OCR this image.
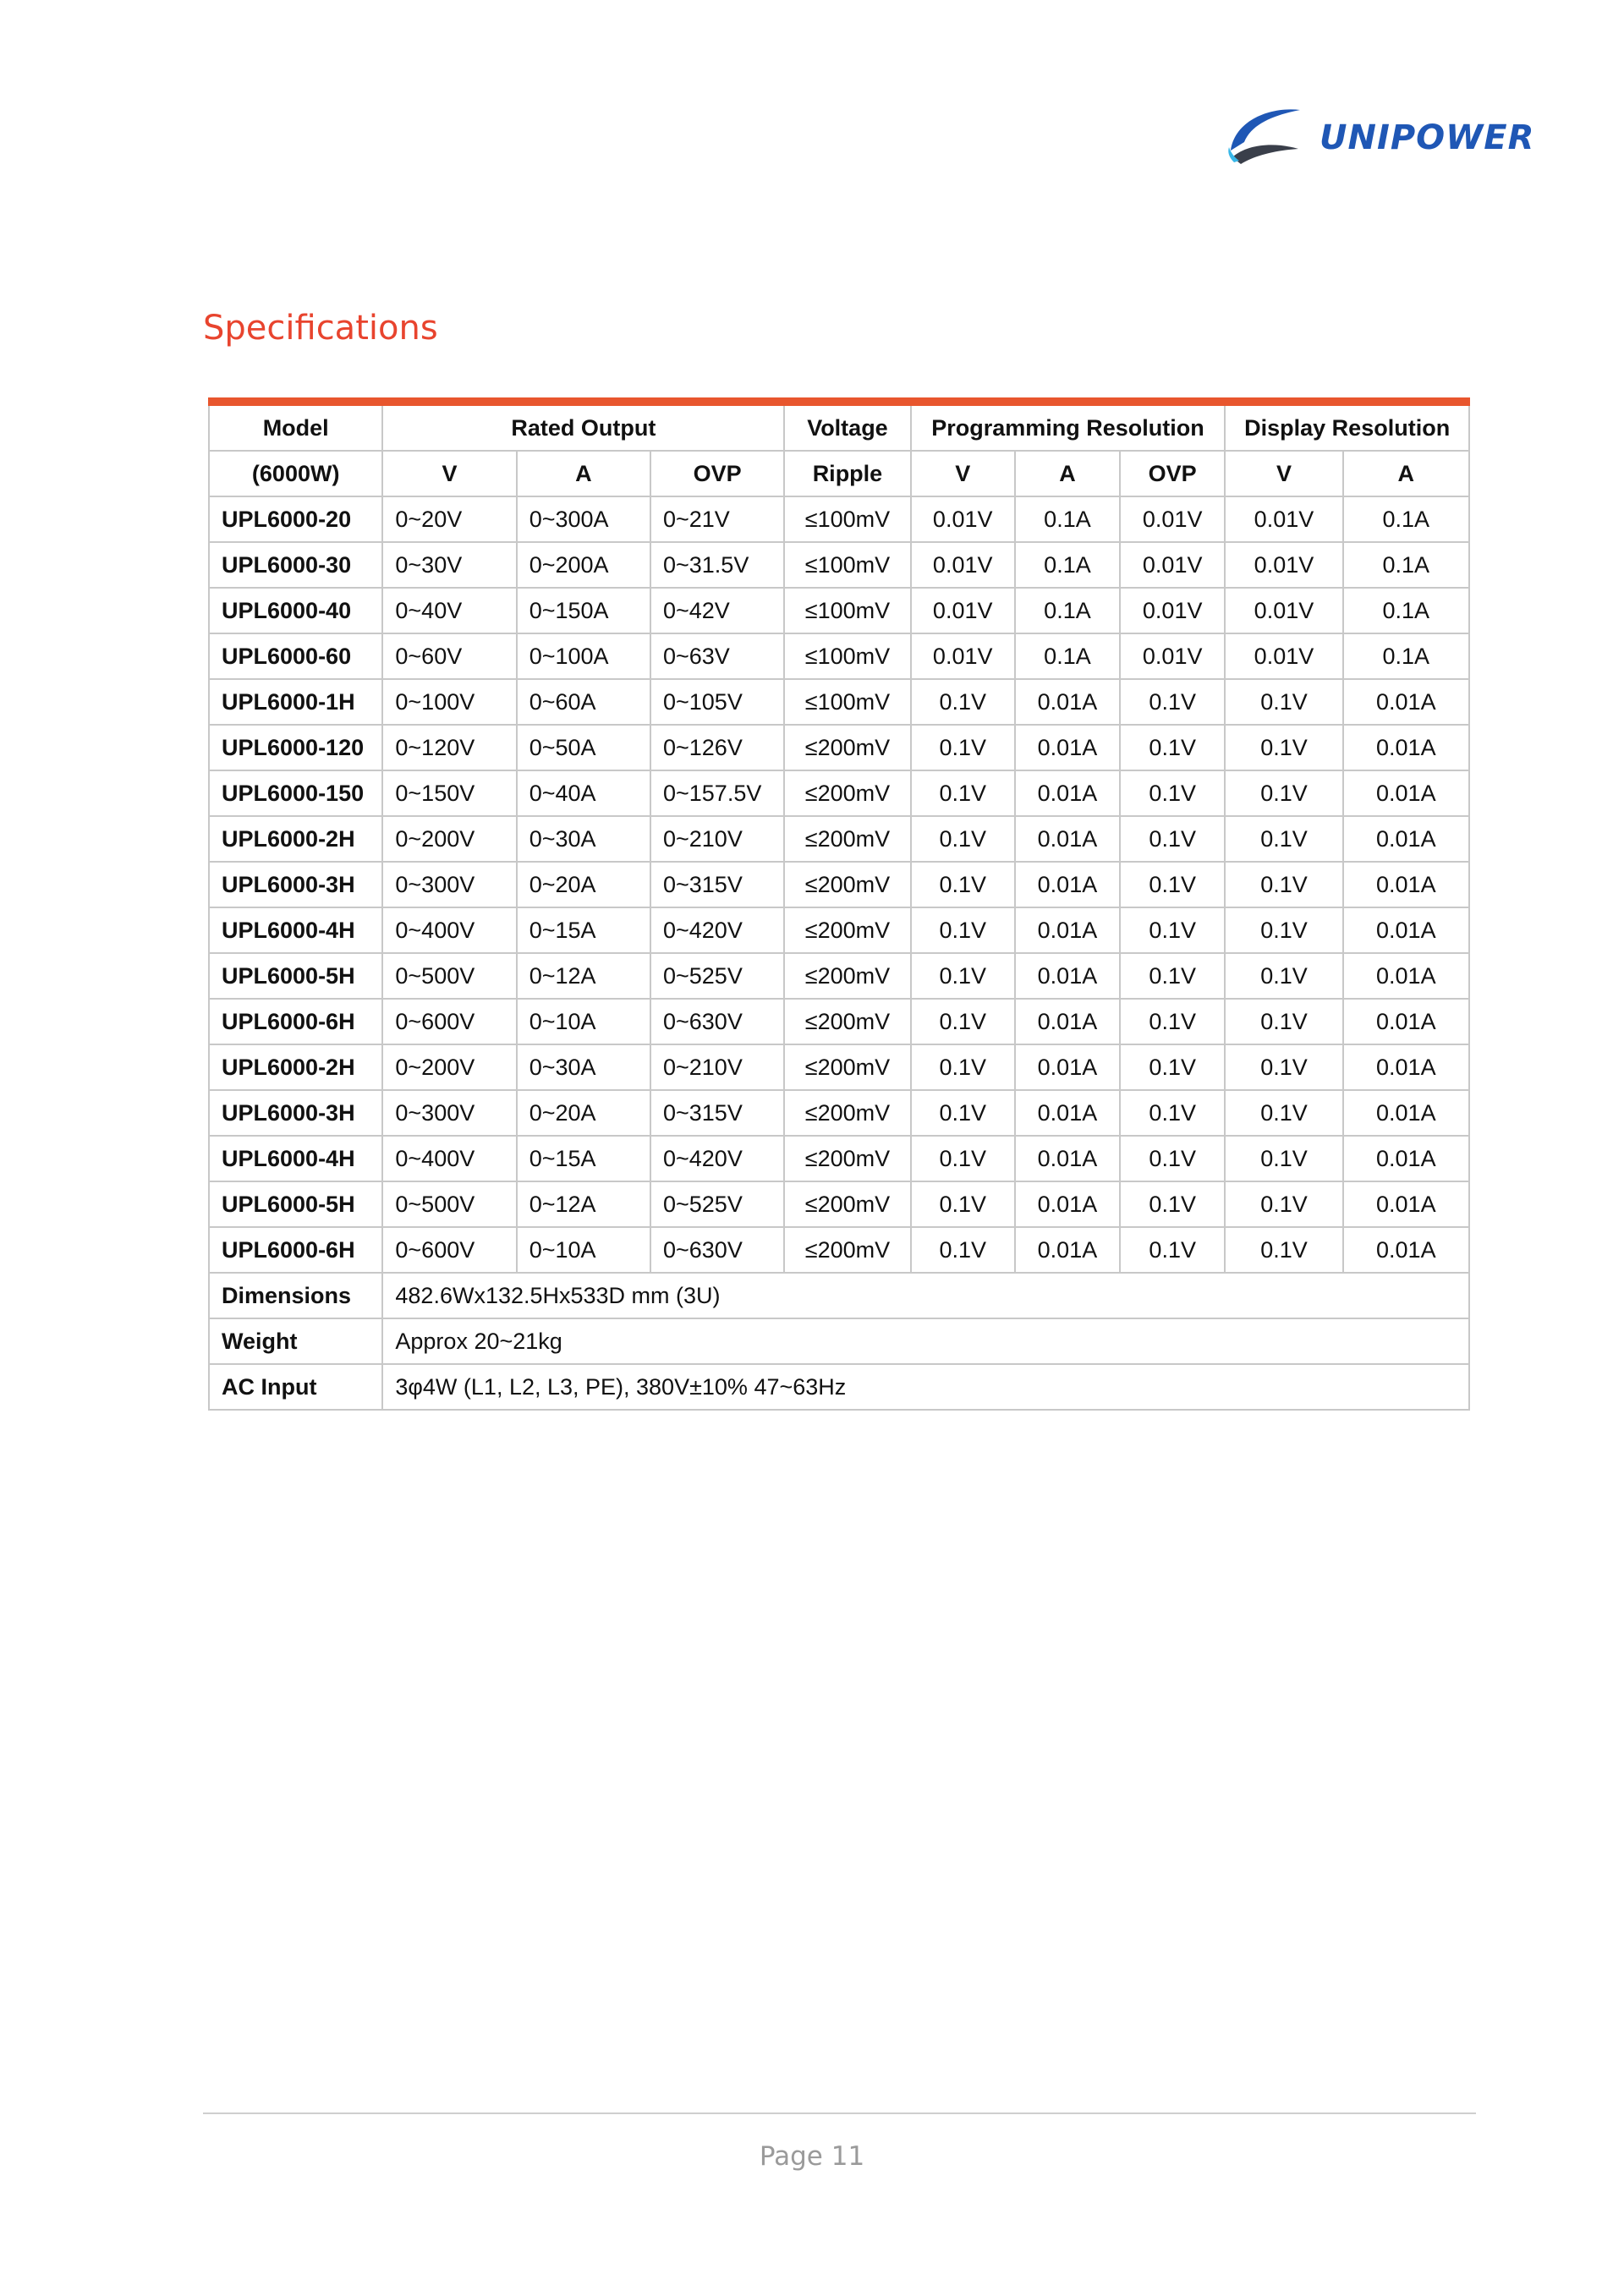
UNIPOWER
Specifications
Model	Rated Output			Voltage	Programming Resolution			Display Resolution	
(6000W)	V	A	OVP	Ripple	V	A	OVP	V	A
UPL6000-20	0~20V	0~300A	0~21V	≤100mV	0.01V	0.1A	0.01V	0.01V	0.1A
UPL6000-30	0~30V	0~200A	0~31.5V	≤100mV	0.01V	0.1A	0.01V	0.01V	0.1A
UPL6000-40	0~40V	0~150A	0~42V	≤100mV	0.01V	0.1A	0.01V	0.01V	0.1A
UPL6000-60	0~60V	0~100A	0~63V	≤100mV	0.01V	0.1A	0.01V	0.01V	0.1A
UPL6000-1H	0~100V	0~60A	0~105V	≤100mV	0.1V	0.01A	0.1V	0.1V	0.01A
UPL6000-120	0~120V	0~50A	0~126V	≤200mV	0.1V	0.01A	0.1V	0.1V	0.01A
UPL6000-150	0~150V	0~40A	0~157.5V	≤200mV	0.1V	0.01A	0.1V	0.1V	0.01A
UPL6000-2H	0~200V	0~30A	0~210V	≤200mV	0.1V	0.01A	0.1V	0.1V	0.01A
UPL6000-3H	0~300V	0~20A	0~315V	≤200mV	0.1V	0.01A	0.1V	0.1V	0.01A
UPL6000-4H	0~400V	0~15A	0~420V	≤200mV	0.1V	0.01A	0.1V	0.1V	0.01A
UPL6000-5H	0~500V	0~12A	0~525V	≤200mV	0.1V	0.01A	0.1V	0.1V	0.01A
UPL6000-6H	0~600V	0~10A	0~630V	≤200mV	0.1V	0.01A	0.1V	0.1V	0.01A
UPL6000-2H	0~200V	0~30A	0~210V	≤200mV	0.1V	0.01A	0.1V	0.1V	0.01A
UPL6000-3H	0~300V	0~20A	0~315V	≤200mV	0.1V	0.01A	0.1V	0.1V	0.01A
UPL6000-4H	0~400V	0~15A	0~420V	≤200mV	0.1V	0.01A	0.1V	0.1V	0.01A
UPL6000-5H	0~500V	0~12A	0~525V	≤200mV	0.1V	0.01A	0.1V	0.1V	0.01A
UPL6000-6H	0~600V	0~10A	0~630V	≤200mV	0.1V	0.01A	0.1V	0.1V	0.01A
Dimensions	482.6Wx132.5Hx533D mm (3U)								
Weight	Approx 20~21kg								
AC Input	3φ4W (L1, L2, L3, PE), 380V±10% 47~63Hz								
Page 11
